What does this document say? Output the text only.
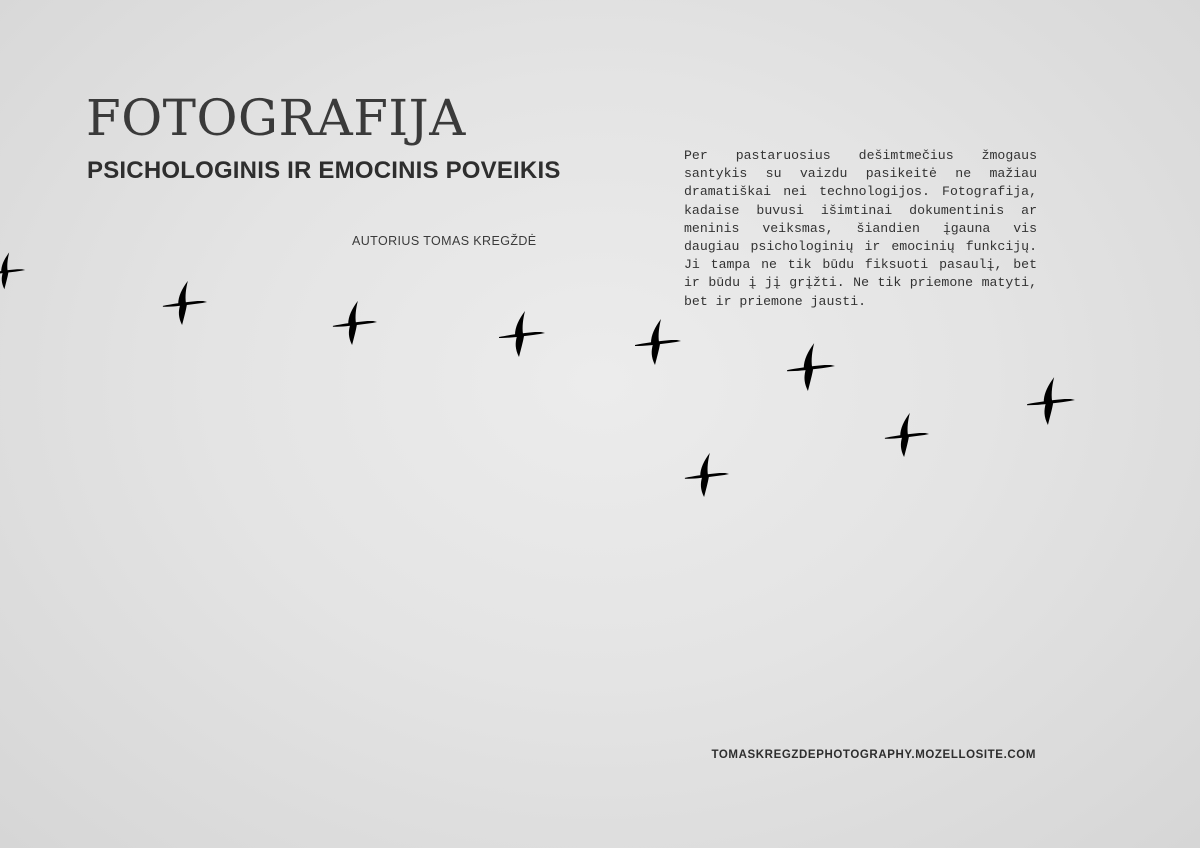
FOTOGRAFIJA
PSICHOLOGINIS IR EMOCINIS POVEIKIS
AUTORIUS TOMAS KREGŽDĖ

Per pastaruosius dešimtmečius žmogaus santykis su vaizdu pasikeitė ne mažiau dramatiškai nei technologijos. Fotografija, kadaise buvusi išimtinai dokumentinis ar meninis veiksmas, šiandien įgauna vis daugiau psichologinių ir emocinių funkcijų. Ji tampa ne tik būdu fiksuoti pasaulį, bet ir būdu į jį grįžti. Ne tik priemone matyti, bet ir priemone jausti.

TOMASKREGZDEPHOTOGRAPHY.MOZELLOSITE.COM
